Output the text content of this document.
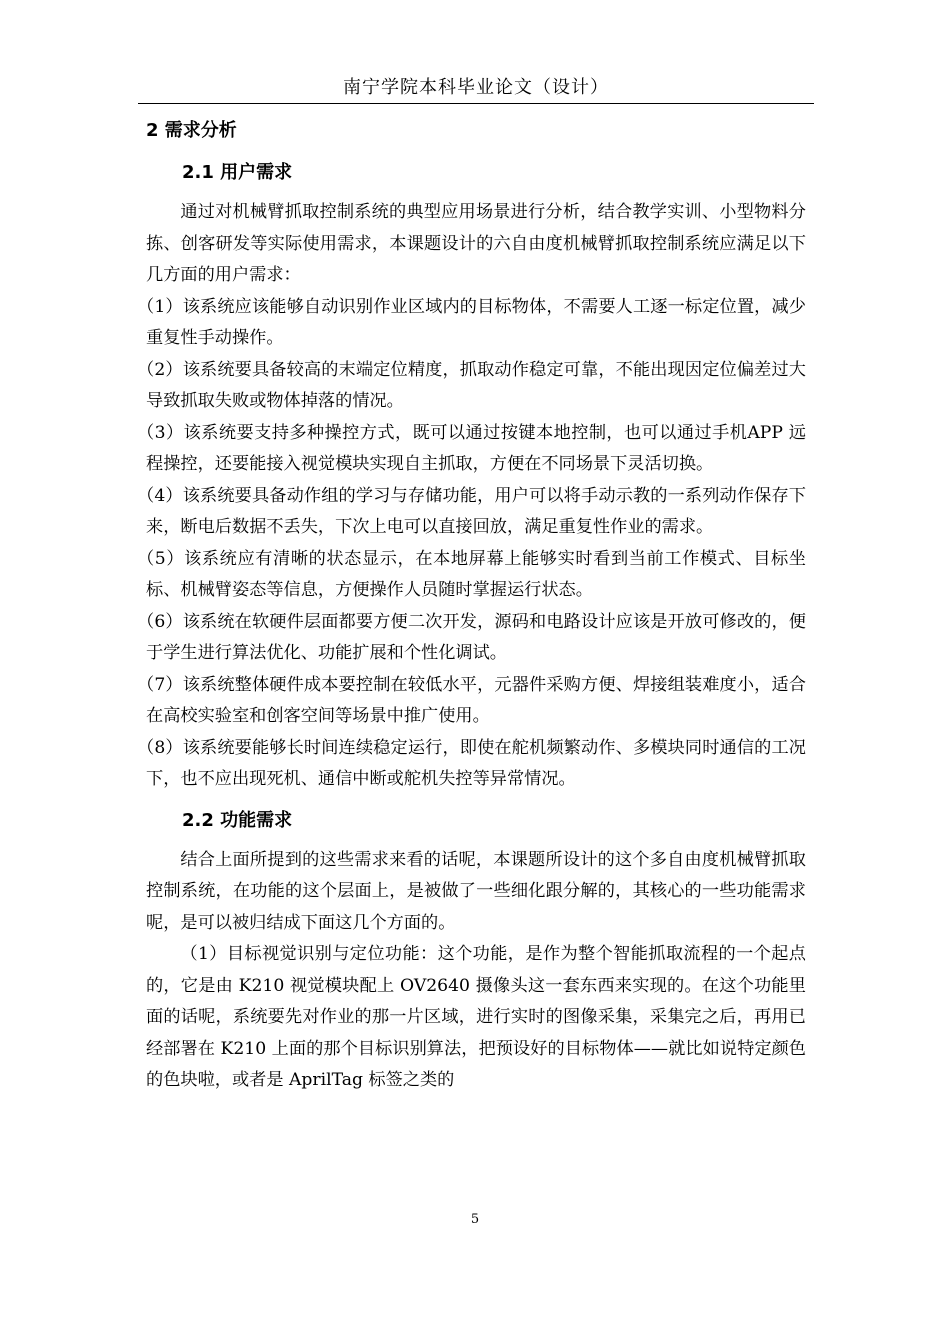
南宁学院本科毕业论文（设计）
2 需求分析
2.1 用户需求

通过对机械臂抓取控制系统的典型应用场景进行分析，结合教学实训、小型物料分拣、创客研发等实际使用需求，本课题设计的六自由度机械臂抓取控制系统应满足以下几方面的用户需求：

（1）该系统应该能够自动识别作业区域内的目标物体，不需要人工逐一标定位置，减少重复性手动操作。

（2）该系统要具备较高的末端定位精度，抓取动作稳定可靠，不能出现因定位偏差过大导致抓取失败或物体掉落的情况。

（3）该系统要支持多种操控方式，既可以通过按键本地控制，也可以通过手机APP 远程操控，还要能接入视觉模块实现自主抓取，方便在不同场景下灵活切换。

（4）该系统要具备动作组的学习与存储功能，用户可以将手动示教的一系列动作保存下来，断电后数据不丢失，下次上电可以直接回放，满足重复性作业的需求。

（5）该系统应有清晰的状态显示，在本地屏幕上能够实时看到当前工作模式、目标坐标、机械臂姿态等信息，方便操作人员随时掌握运行状态。

（6）该系统在软硬件层面都要方便二次开发，源码和电路设计应该是开放可修改的，便于学生进行算法优化、功能扩展和个性化调试。

（7）该系统整体硬件成本要控制在较低水平，元器件采购方便、焊接组装难度小，适合在高校实验室和创客空间等场景中推广使用。

（8）该系统要能够长时间连续稳定运行，即使在舵机频繁动作、多模块同时通信的工况下，也不应出现死机、通信中断或舵机失控等异常情况。

2.2 功能需求

结合上面所提到的这些需求来看的话呢，本课题所设计的这个多自由度机械臂抓取控制系统，在功能的这个层面上，是被做了一些细化跟分解的，其核心的一些功能需求呢，是可以被归结成下面这几个方面的。

（1）目标视觉识别与定位功能：这个功能，是作为整个智能抓取流程的一个起点的，它是由 K210 视觉模块配上 OV2640 摄像头这一套东西来实现的。在这个功能里面的话呢，系统要先对作业的那一片区域，进行实时的图像采集，采集完之后，再用已经部署在 K210 上面的那个目标识别算法，把预设好的目标物体——就比如说特定颜色的色块啦，或者是 AprilTag 标签之类的

5
